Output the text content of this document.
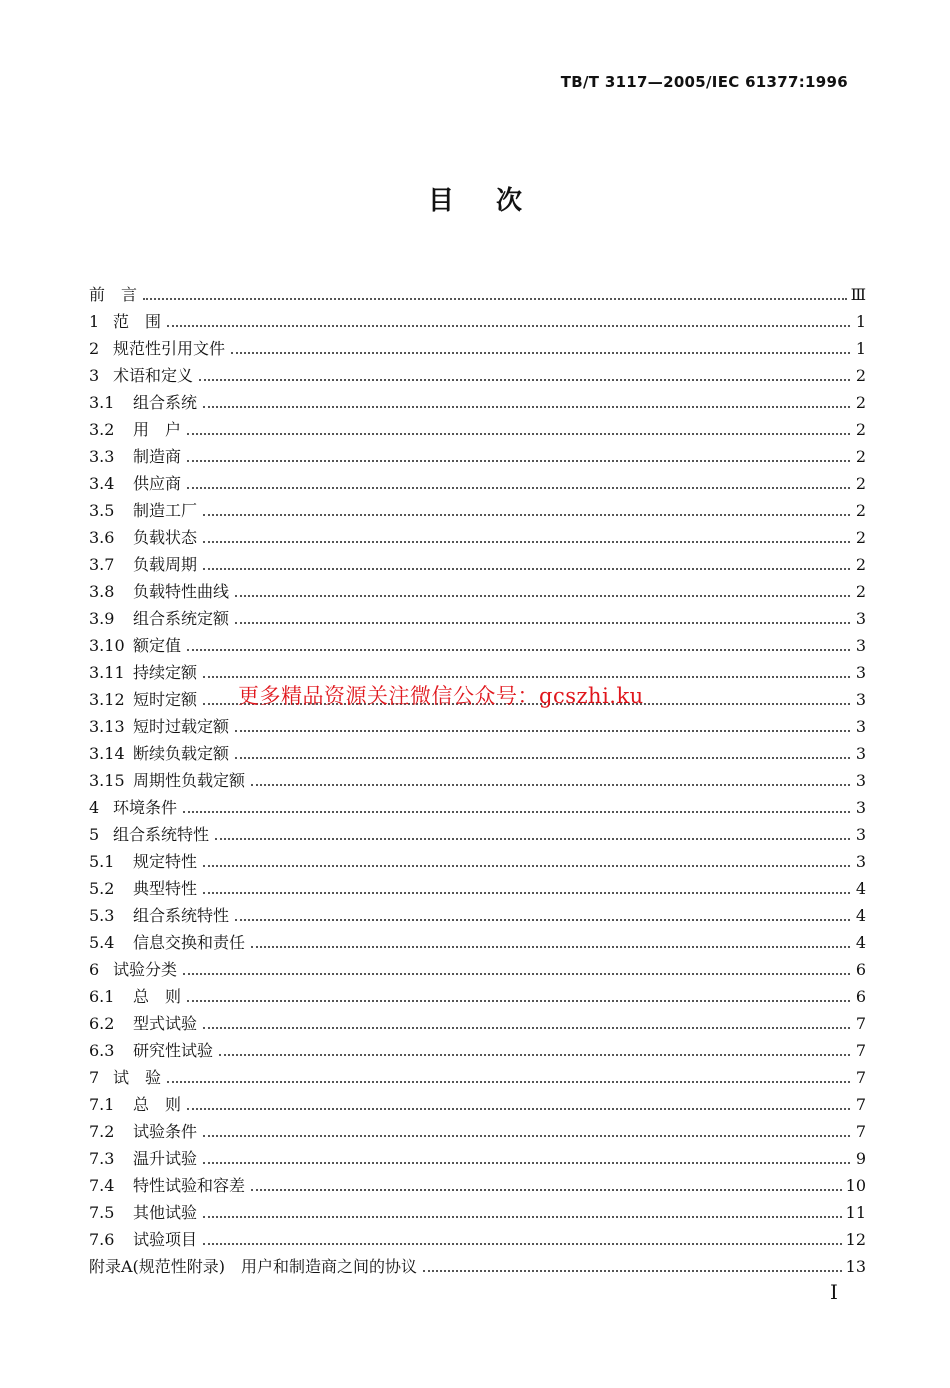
TB/T 3117—2005/IEC 61377:1996
目次
前　言	Ⅲ
1 范　围	1
2 规范性引用文件	1
3 术语和定义	2
3.1	组合系统	2
3.2	用　户	2
3.3	制造商	2
3.4	供应商	2
3.5	制造工厂	2
3.6	负载状态	2
3.7	负载周期	2
3.8	负载特性曲线	2
3.9	组合系统定额	3
3.10 额定值	3
3.11 持续定额	3
3.12 短时定额	3
3.13 短时过载定额	3
3.14 断续负载定额	3
3.15 周期性负载定额	3
4 环境条件	3
5 组合系统特性	3
5.1	规定特性	3
5.2	典型特性	4
5.3	组合系统特性	4
5.4	信息交换和责任	4
6 试验分类	6
6.1	总　则	6
6.2	型式试验	7
6.3	研究性试验	7
7 试　验	7
7.1	总　则	7
7.2	试验条件	7
7.3	温升试验	9
7.4	特性试验和容差	10
7.5	其他试验	11
7.6	试验项目	12
附录A(规范性附录)　用户和制造商之间的协议	13
更多精品资源关注微信公众号：gcszhi.ku
Ⅰ
